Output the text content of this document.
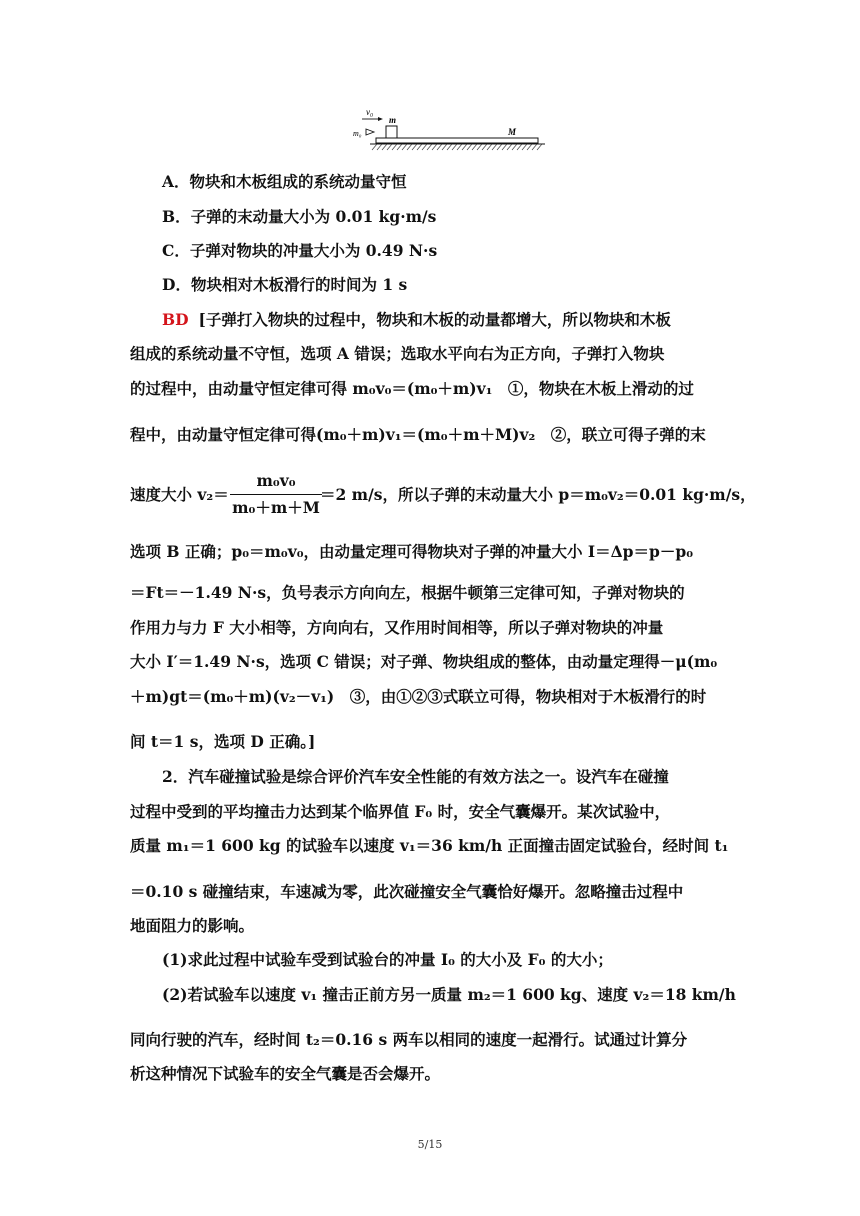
v₀
m
m₀	M
A．物块和木板组成的系统动量守恒
B．子弹的末动量大小为 0.01 kg·m/s
C．子弹对物块的冲量大小为 0.49 N·s
D．物块相对木板滑行的时间为 1 s
BD [子弹打入物块的过程中，物块和木板的动量都增大，所以物块和木板
组成的系统动量不守恒，选项 A 错误；选取水平向右为正方向，子弹打入物块
的过程中，由动量守恒定律可得 m₀v₀＝(m₀＋m)v₁　①，物块在木板上滑动的过
程中，由动量守恒定律可得(m₀＋m)v₁＝(m₀＋m＋M)v₂　②，联立可得子弹的末
速度大小 v₂＝
m₀v₀
m₀＋m＋M
＝2 m/s，所以子弹的末动量大小 p＝m₀v₂＝0.01 kg·m/s，
选项 B 正确；p₀＝m₀v₀，由动量定理可得物块对子弹的冲量大小 I＝Δp＝p－p₀
＝Ft＝－1.49 N·s，负号表示方向向左，根据牛顿第三定律可知，子弹对物块的
作用力与力 F 大小相等，方向向右，又作用时间相等，所以子弹对物块的冲量
大小 I′＝1.49 N·s，选项 C 错误；对子弹、物块组成的整体，由动量定理得－μ(m₀
＋m)gt＝(m₀＋m)(v₂－v₁)　③，由①②③式联立可得，物块相对于木板滑行的时
间 t＝1 s，选项 D 正确。]
2．汽车碰撞试验是综合评价汽车安全性能的有效方法之一。设汽车在碰撞
过程中受到的平均撞击力达到某个临界值 F₀ 时，安全气囊爆开。某次试验中，
质量 m₁＝1 600 kg 的试验车以速度 v₁＝36 km/h 正面撞击固定试验台，经时间 t₁
＝0.10 s 碰撞结束，车速减为零，此次碰撞安全气囊恰好爆开。忽略撞击过程中
地面阻力的影响。
(1)求此过程中试验车受到试验台的冲量 I₀ 的大小及 F₀ 的大小；
(2)若试验车以速度 v₁ 撞击正前方另一质量 m₂＝1 600 kg、速度 v₂＝18 km/h
同向行驶的汽车，经时间 t₂＝0.16 s 两车以相同的速度一起滑行。试通过计算分
析这种情况下试验车的安全气囊是否会爆开。
5/15
